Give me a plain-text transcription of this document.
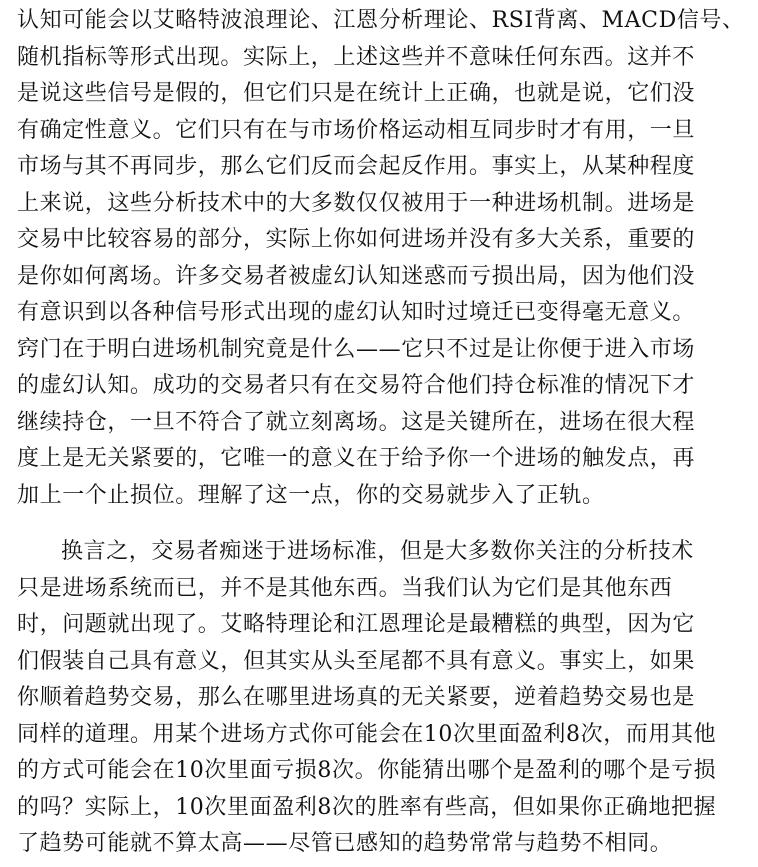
认知可能会以艾略特波浪理论、江恩分析理论、RSI背离、MACD信号、
随机指标等形式出现。实际上，上述这些并不意味任何东西。这并不
是说这些信号是假的，但它们只是在统计上正确，也就是说，它们没
有确定性意义。它们只有在与市场价格运动相互同步时才有用，一旦
市场与其不再同步，那么它们反而会起反作用。事实上，从某种程度
上来说，这些分析技术中的大多数仅仅被用于一种进场机制。进场是
交易中比较容易的部分，实际上你如何进场并没有多大关系，重要的
是你如何离场。许多交易者被虚幻认知迷惑而亏损出局，因为他们没
有意识到以各种信号形式出现的虚幻认知时过境迁已变得毫无意义。
窍门在于明白进场机制究竟是什么——它只不过是让你便于进入市场
的虚幻认知。成功的交易者只有在交易符合他们持仓标准的情况下才
继续持仓，一旦不符合了就立刻离场。这是关键所在，进场在很大程
度上是无关紧要的，它唯一的意义在于给予你一个进场的触发点，再
加上一个止损位。理解了这一点，你的交易就步入了正轨。
换言之，交易者痴迷于进场标准，但是大多数你关注的分析技术
只是进场系统而已，并不是其他东西。当我们认为它们是其他东西
时，问题就出现了。艾略特理论和江恩理论是最糟糕的典型，因为它
们假装自己具有意义，但其实从头至尾都不具有意义。事实上，如果
你顺着趋势交易，那么在哪里进场真的无关紧要，逆着趋势交易也是
同样的道理。用某个进场方式你可能会在10次里面盈利8次，而用其他
的方式可能会在10次里面亏损8次。你能猜出哪个是盈利的哪个是亏损
的吗？实际上，10次里面盈利8次的胜率有些高，但如果你正确地把握
了趋势可能就不算太高——尽管已感知的趋势常常与趋势不相同。
